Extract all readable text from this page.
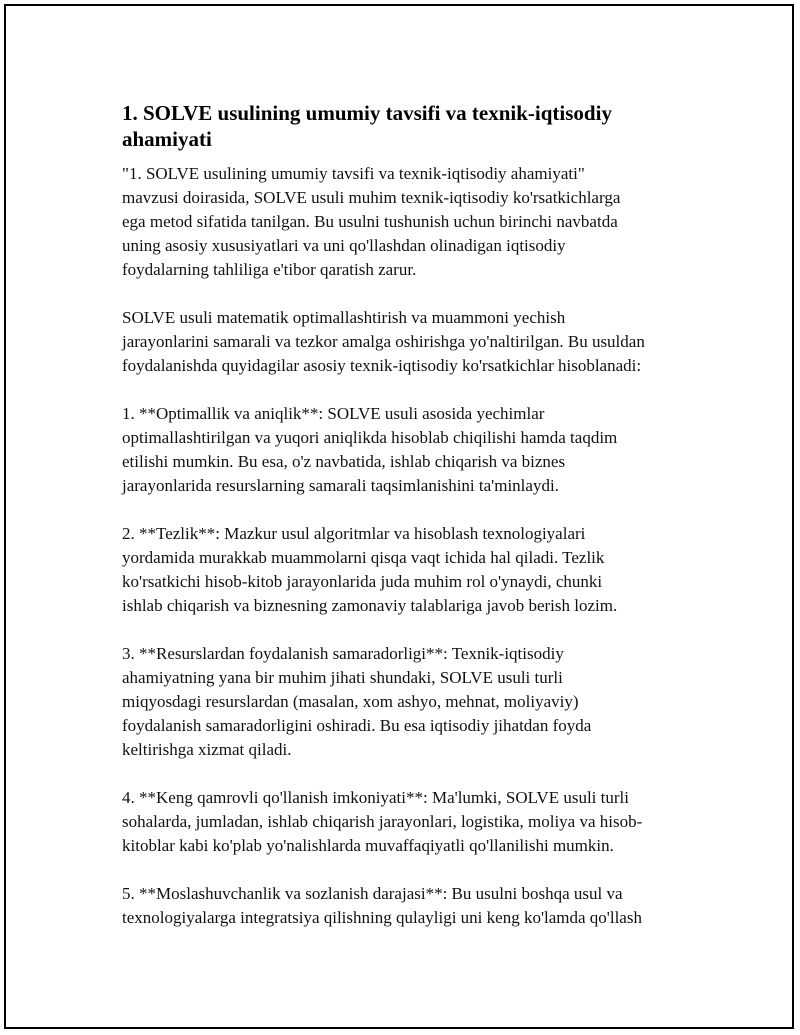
1. SOLVE usulining umumiy tavsifi va texnik-iqtisodiy
ahamiyati

"1. SOLVE usulining umumiy tavsifi va texnik-iqtisodiy ahamiyati"
mavzusi doirasida, SOLVE usuli muhim texnik-iqtisodiy ko'rsatkichlarga
ega metod sifatida tanilgan. Bu usulni tushunish uchun birinchi navbatda
uning asosiy xususiyatlari va uni qo'llashdan olinadigan iqtisodiy
foydalarning tahliliga e'tibor qaratish zarur.

SOLVE usuli matematik optimallashtirish va muammoni yechish
jarayonlarini samarali va tezkor amalga oshirishga yo'naltirilgan. Bu usuldan
foydalanishda quyidagilar asosiy texnik-iqtisodiy ko'rsatkichlar hisoblanadi:

1. **Optimallik va aniqlik**: SOLVE usuli asosida yechimlar
optimallashtirilgan va yuqori aniqlikda hisoblab chiqilishi hamda taqdim
etilishi mumkin. Bu esa, o'z navbatida, ishlab chiqarish va biznes
jarayonlarida resurslarning samarali taqsimlanishini ta'minlaydi.

2. **Tezlik**: Mazkur usul algoritmlar va hisoblash texnologiyalari
yordamida murakkab muammolarni qisqa vaqt ichida hal qiladi. Tezlik
ko'rsatkichi hisob-kitob jarayonlarida juda muhim rol o'ynaydi, chunki
ishlab chiqarish va biznesning zamonaviy talablariga javob berish lozim.

3. **Resurslardan foydalanish samaradorligi**: Texnik-iqtisodiy
ahamiyatning yana bir muhim jihati shundaki, SOLVE usuli turli
miqyosdagi resurslardan (masalan, xom ashyo, mehnat, moliyaviy)
foydalanish samaradorligini oshiradi. Bu esa iqtisodiy jihatdan foyda
keltirishga xizmat qiladi.

4. **Keng qamrovli qo'llanish imkoniyati**: Ma'lumki, SOLVE usuli turli
sohalarda, jumladan, ishlab chiqarish jarayonlari, logistika, moliya va hisob-
kitoblar kabi ko'plab yo'nalishlarda muvaffaqiyatli qo'llanilishi mumkin.

5. **Moslashuvchanlik va sozlanish darajasi**: Bu usulni boshqa usul va
texnologiyalarga integratsiya qilishning qulayligi uni keng ko'lamda qo'llash
